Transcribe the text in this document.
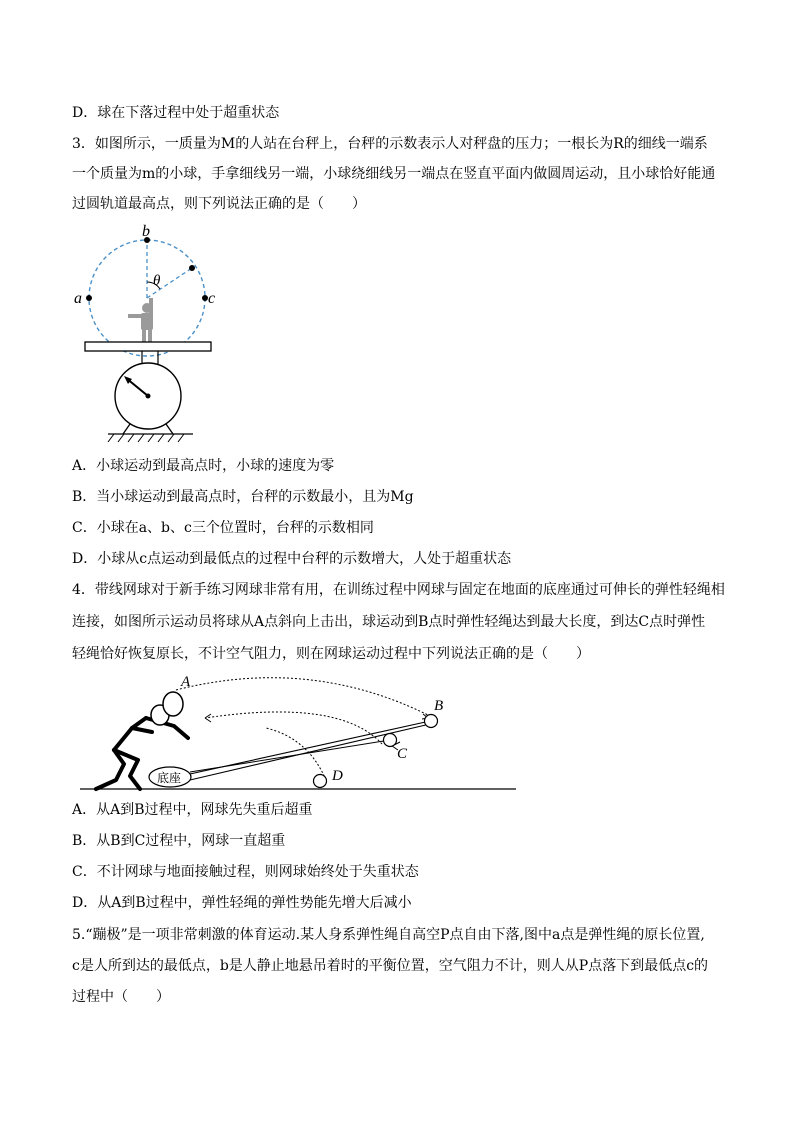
D．球在下落过程中处于超重状态
3．如图所示，一质量为M的人站在台秤上，台秤的示数表示人对秤盘的压力；一根长为R的细线一端系
一个质量为m的小球，手拿细线另一端，小球绕细线另一端点在竖直平面内做圆周运动，且小球恰好能通
过圆轨道最高点，则下列说法正确的是（　　）
b
a	c
θ
A．小球运动到最高点时，小球的速度为零
B．当小球运动到最高点时，台秤的示数最小，且为Mg
C．小球在a、b、c三个位置时，台秤的示数相同
D．小球从c点运动到最低点的过程中台秤的示数增大，人处于超重状态
4．带线网球对于新手练习网球非常有用，在训练过程中网球与固定在地面的底座通过可伸长的弹性轻绳相
连接，如图所示运动员将球从A点斜向上击出，球运动到B点时弹性轻绳达到最大长度，到达C点时弹性
轻绳恰好恢复原长，不计空气阻力，则在网球运动过程中下列说法正确的是（　　）
底座
A
B
C
D
A．从A到B过程中，网球先失重后超重
B．从B到C过程中，网球一直超重
C．不计网球与地面接触过程，则网球始终处于失重状态
D．从A到B过程中，弹性轻绳的弹性势能先增大后减小
5.“蹦极”是一项非常刺激的体育运动.某人身系弹性绳自高空P点自由下落,图中a点是弹性绳的原长位置,
c是人所到达的最低点，b是人静止地悬吊着时的平衡位置，空气阻力不计，则人从P点落下到最低点c的
过程中（　　）
